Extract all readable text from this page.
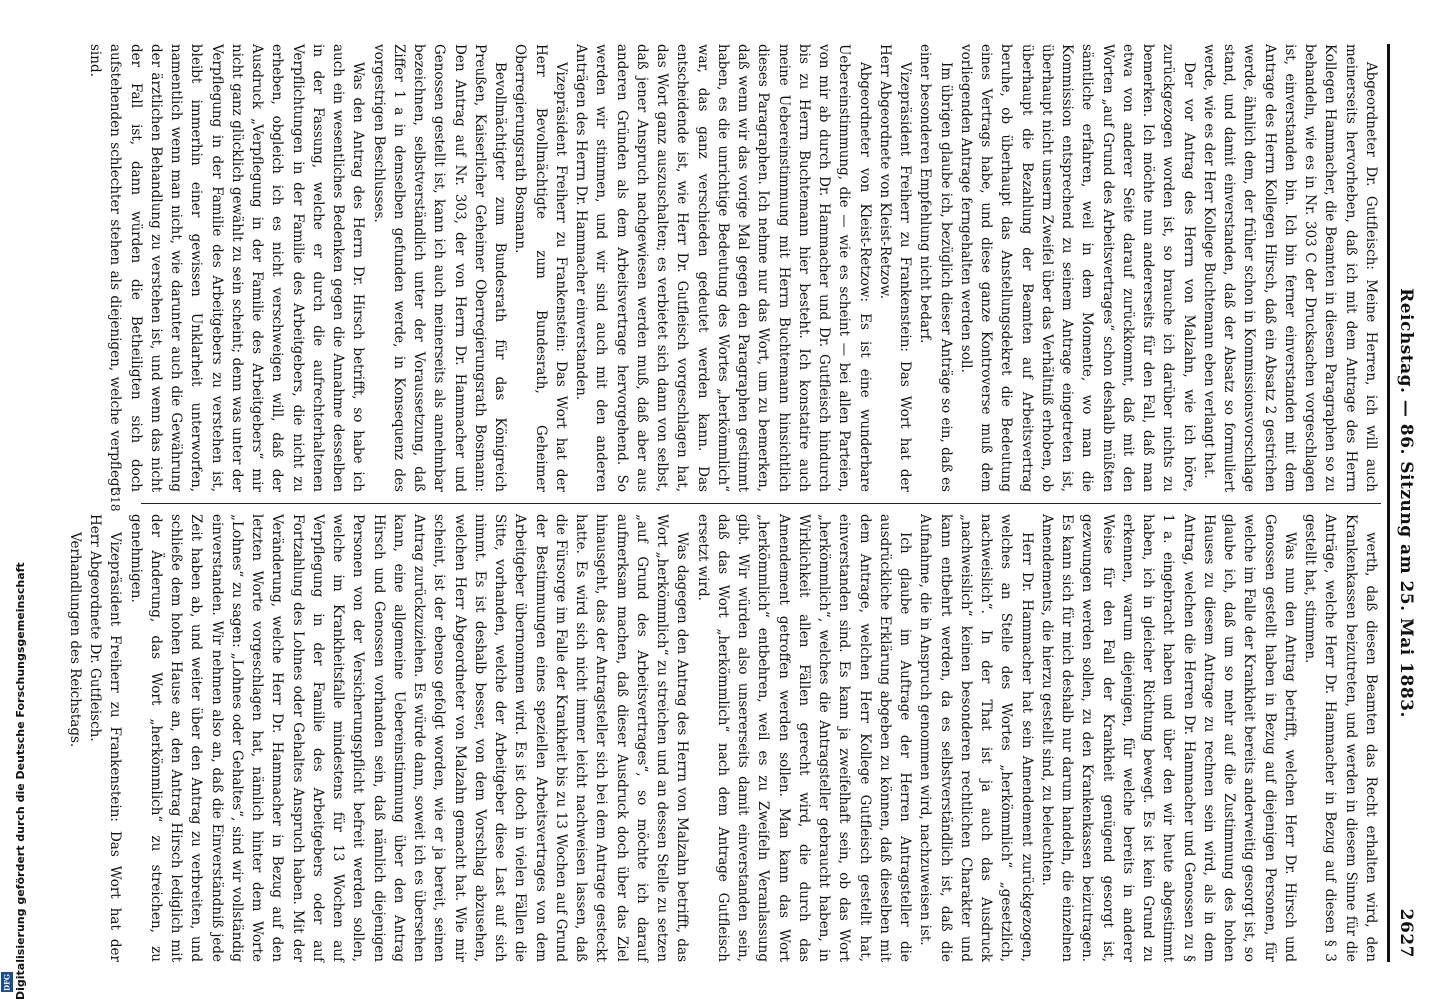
Reichstag. — 86. Sitzung am 25. Mai 1883.
2627

Abgeordneter Dr. Gutfleisch: Meine Herren, ich will auch meinerseits hervorheben, daß ich mit dem Antrage des Herrn Kollegen Hammacher, die Beamten in diesem Paragraphen so zu behandeln, wie es in Nr. 303 C der Drucksachen vorgeschlagen ist, einverstanden bin. Ich bin ferner einverstanden mit dem Antrage des Herrn Kollegen Hirsch, daß ein Absatz 2 gestrichen werde, ähnlich dem, der früher schon in Kommissionsvorschlage stand, und damit einverstanden, daß der Absatz so formuliert werde, wie es der Herr Kollege Buchtemann eben verlangt hat.

Der vor Antrag des Herrn von Malzahn, wie ich höre, zurückgezogen worden ist, so brauche ich darüber nichts zu bemerken. Ich möchte nun andererseits für den Fall, daß man etwa von anderer Seite darauf zurückkommt, daß mit den Worten „auf Grund des Arbeitsvertrages“ schon deshalb müßten sämtliche erfahren, weil in dem Momente, wo man die Kommission entsprechend zu seinem Antrage eingetreten ist, überhaupt nicht unserm Zweifel über das Verhältniß erhoben, ob überhaupt die Bezahlung der Beamten auf Arbeitsvertrag beruhe, ob überhaupt das Anstellungsdekret die Bedeutung eines Vertrags habe, und diese ganze Kontroverse muß dem vorliegenden Antrage ferngehalten werden soll.

Im übrigen glaube ich, bezüglich dieser Anträge so ein, daß es einer besonderen Empfehlung nicht bedarf.

Vizepräsident Freiherr zu Frankenstein: Das Wort hat der Herr Abgeordnete von Kleist-Retzow.

Abgeordneter von Kleist-Retzow: Es ist eine wunderbare Uebereinstimmung, die — wie es scheint — bei allen Parteien, von mir ab durch Dr. Hammacher und Dr. Gutfleisch hindurch bis zu Herrn Buchtemann hier besteht. Ich konstatire auch meine Uebereinstimmung mit Herrn Buchtemann hinsichtlich dieses Paragraphen. Ich nehme nur das Wort, um zu bemerken, daß wenn wir das vorige Mal gegen den Paragraphen gestimmt haben, es die unrichtige Bedeutung des Wortes „herkömmlich“ war, das ganz verschieden gedeutet werden kann. Das entscheidende ist, wie Herr Dr. Gutfleisch vorgeschlagen hat, das Wort ganz auszuschalten; es verbietet sich dann von selbst, daß jener Anspruch nachgewiesen werden muß, daß aber aus anderen Gründen als dem Arbeitsvertrage hervorgehend. So werden wir stimmen, und wir sind auch mit den anderen Anträgen des Herrn Dr. Hammacher einverstanden.

Vizepräsident Freiherr zu Frankenstein: Das Wort hat der Herr Bevollmächtigte zum Bundesrath, Geheimer Oberregierungsrath Bosmann.

Bevollmächtigter zum Bundesrath für das Königreich Preußen, Kaiserlicher Geheimer Oberregierungsrath Bosmann: Den Antrag auf Nr. 303, der von Herrn Dr. Hammacher und Genossen gestellt ist, kann ich auch meinerseits als annehmbar bezeichnen, selbstverständlich unter der Voraussetzung, daß Ziffer 1 a in demselben gefunden werde, in Konsequenz des vorgestrigen Beschlusses.

Was den Antrag des Herrn Dr. Hirsch betrifft, so habe ich auch ein wesentliches Bedenken gegen die Annahme desselben in der Fassung, welche er durch die aufrechterhaltenen Verpflichtungen in der Familie des Arbeitgebers, die nicht zu erheben, obgleich ich es nicht verschweigen will, daß der Ausdruck „Verpflegung in der Familie des Arbeitgebers“ mir nicht ganz glücklich gewählt zu sein scheint; denn was unter der Verpflegung in der Familie des Arbeitgebers zu verstehen ist, bleibt immerhin einer gewissen Unklarheit unterworfen, namentlich wenn man nicht, wie darunter auch die Gewährung der ärztlichen Behandlung zu verstehen ist, und wenn das nicht der Fall ist, dann würden die Betheiligten sich doch aufstehenden schlechter stehen als diejenigen, welche verpflegt sind.

werth, daß diesen Beamten das Recht erhalten wird, den Krankenkassen beizutreten, und werden in diesem Sinne für die Anträge, welche Herr Dr. Hammacher in Bezug auf diesen § 3 gestellt hat, stimmen.

Was nun den Antrag betrifft, welchen Herr Dr. Hirsch und Genossen gestellt haben in Bezug auf diejenigen Personen, für welche im Falle der Krankheit bereits anderweitig gesorgt ist, so glaube ich, daß um so mehr auf die Zustimmung des hohen Hauses zu diesem Antrage zu rechnen sein wird, als in dem Antrag, welchen die Herren Dr. Hammacher und Genossen zu § 1 a. eingebracht haben und über den wir heute abgestimmt haben, ich in gleicher Richtung bewegt. Es ist kein Grund zu erkennen, warum diejenigen, für welche bereits in anderer Weise für den Fall der Krankheit genügend gesorgt ist, gezwungen werden sollen, zu den Krankenkassen beizutragen. Es kann sich für mich deshalb nur darum handeln, die einzelnen Amendements, die hierzu gestellt sind, zu beleuchten.

Herr Dr. Hammacher hat sein Amendement zurückgezogen, welches an Stelle des Wortes „herkömmlich“ „gesetzlich, nachweislich“. In der That ist ja auch das Ausdruck „nachweislich“ keinen besonderen rechtlichen Charakter und kann entbehrt werden, da es selbstverständlich ist, daß die Aufnahme, die in Anspruch genommen wird, nachzuweisen ist.

Ich glaube im Auftrage der Herren Antragsteller die ausdrückliche Erklärung abgeben zu können, daß dieselben mit dem Antrage, welchen Herr Kollege Gutfleisch gestellt hat, einverstanden sind. Es kann ja zweifelhaft sein, ob das Wort „herkömmlich“, welches die Antragsteller gebraucht haben, in Wirklichkeit allen Fällen gerecht wird, die durch das Amendement getroffen werden sollen. Man kann das Wort „herkömmlich“ entbehren, weil es zu Zweifeln Veranlassung gibt. Wir würden also unsererseits damit einverstanden sein, daß das Wort „herkömmlich“ nach dem Antrage Gutfleisch ersetzt wird.

Was dagegen den Antrag des Herrn von Malzahn betrifft, das Wort „herkömmlich“ zu streichen und an dessen Stelle zu setzen „auf Grund des Arbeitsvertrages“, so möchte ich darauf aufmerksam machen, daß dieser Ausdruck doch über das Ziel hinausgeht, das der Antragsteller sich bei dem Antrage gesteckt hatte. Es wird sich nicht immer leicht nachweisen lassen, daß die Fürsorge im Falle der Krankheit bis zu 13 Wochen auf Grund der Bestimmungen eines speziellen Arbeitsvertrages von dem Arbeitgeber übernommen wird. Es ist doch in vielen Fällen die Sitte, vorhanden, welche der Arbeitgeber diese Last auf sich nimmt. Es ist deshalb besser, von dem Vorschlag abzusehen, welchen Herr Abgeordneter von Malzahn gemacht hat. Wie mir scheint, ist der ebenso gefolgt worden, wie er ja bereit, seinen Antrag zurückzuziehen. Es würde dann, soweit ich es übersehen kann, eine allgemeine Uebereinstimmung über den Antrag Hirsch und Genossen vorhanden sein, daß nämlich diejenigen Personen von der Versicherungspflicht befreit werden sollen, welche im Krankheitsfalle mindestens für 13 Wochen auf Verpflegung in der Familie des Arbeitgebers oder auf Fortzahlung des Lohnes oder Gehaltes Anspruch haben. Mit der Veränderung, welche Herr Dr. Hammacher in Bezug auf den letzten Worte vorgeschlagen hat, nämlich hinter dem Worte „Lohnes“ zu sagen: „Lohnes oder Gehaltes“, sind wir vollständig einverstanden. Wir nehmen also an, daß die Einverständniß jede Zeit haben ab, und weiter über den Antrag zu verbreiten, und schließe dem hohen Hause an, den Antrag Hirsch lediglich mit der Änderung, das Wort „herkömmlich“ zu streichen, zu genehmigen.

Vizepräsident Freiherr zu Frankenstein: Das Wort hat der Herr Abgeordnete Dr. Gutfleisch.

Verhandlungen des Reichstags.

318
Digitalisierung gefördert durch die Deutsche Forschungsgemeinschaft
DFG
